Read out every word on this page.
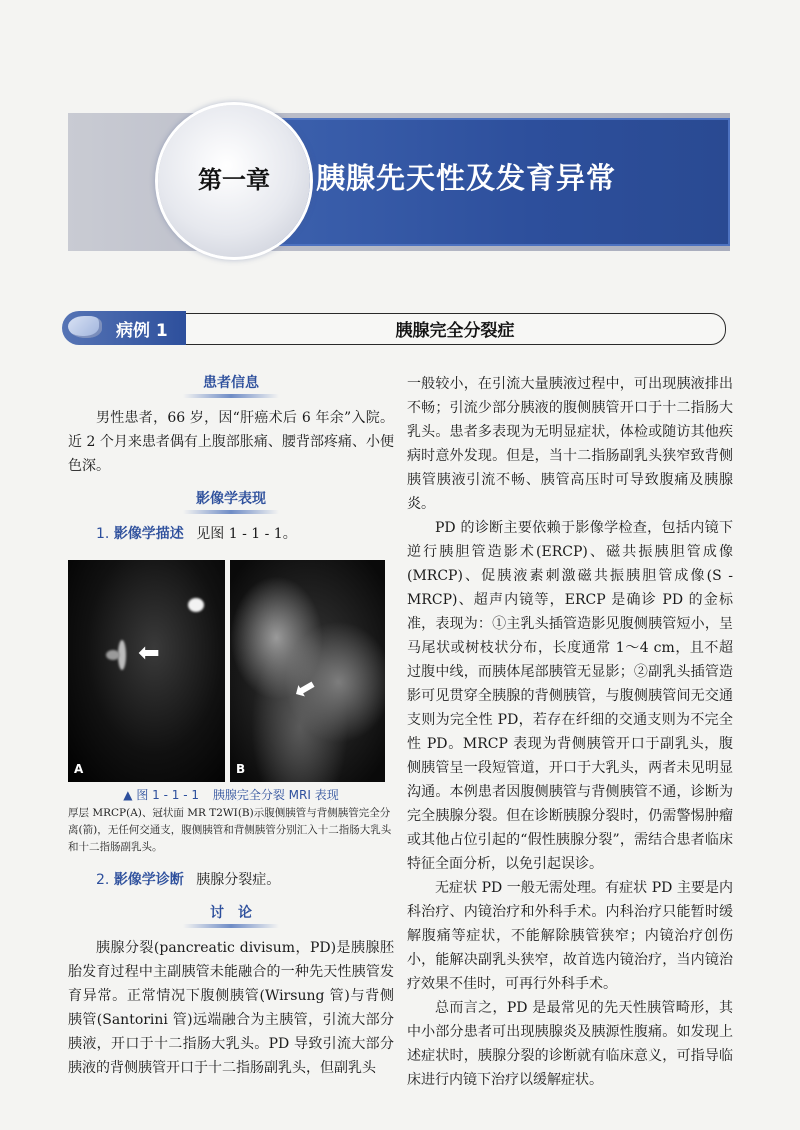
第一章	胰腺先天性及发育异常
病例 1	胰腺完全分裂症
患者信息

男性患者，66 岁，因“肝癌术后 6 年余”入院。近 2 个月来患者偶有上腹部胀痛、腰背部疼痛、小便色深。

影像学表现

1. 影像学描述 见图 1 - 1 - 1。

⬅
A
⬅
B
▲ 图 1 - 1 - 1 胰腺完全分裂 MRI 表现

厚层 MRCP(A)、冠状面 MR T2WI(B)示腹侧胰管与背侧胰管完全分离(箭)，无任何交通支，腹侧胰管和背侧胰管分别汇入十二指肠大乳头和十二指肠副乳头。

2. 影像学诊断 胰腺分裂症。

讨　论

胰腺分裂(pancreatic divisum，PD)是胰腺胚胎发育过程中主副胰管未能融合的一种先天性胰管发育异常。正常情况下腹侧胰管(Wirsung 管)与背侧胰管(Santorini 管)远端融合为主胰管，引流大部分胰液，开口于十二指肠大乳头。PD 导致引流大部分胰液的背侧胰管开口于十二指肠副乳头，但副乳头

一般较小，在引流大量胰液过程中，可出现胰液排出不畅；引流少部分胰液的腹侧胰管开口于十二指肠大乳头。患者多表现为无明显症状，体检或随访其他疾病时意外发现。但是，当十二指肠副乳头狭窄致背侧胰管胰液引流不畅、胰管高压时可导致腹痛及胰腺炎。

PD 的诊断主要依赖于影像学检查，包括内镜下逆行胰胆管造影术(ERCP)、磁共振胰胆管成像(MRCP)、促胰液素刺激磁共振胰胆管成像(S - MRCP)、超声内镜等，ERCP 是确诊 PD 的金标准，表现为：①主乳头插管造影见腹侧胰管短小，呈马尾状或树枝状分布，长度通常 1～4 cm，且不超过腹中线，而胰体尾部胰管无显影；②副乳头插管造影可见贯穿全胰腺的背侧胰管，与腹侧胰管间无交通支则为完全性 PD，若存在纤细的交通支则为不完全性 PD。MRCP 表现为背侧胰管开口于副乳头，腹侧胰管呈一段短管道，开口于大乳头，两者未见明显沟通。本例患者因腹侧胰管与背侧胰管不通，诊断为完全胰腺分裂。但在诊断胰腺分裂时，仍需警惕肿瘤或其他占位引起的“假性胰腺分裂”，需结合患者临床特征全面分析，以免引起误诊。

无症状 PD 一般无需处理。有症状 PD 主要是内科治疗、内镜治疗和外科手术。内科治疗只能暂时缓解腹痛等症状，不能解除胰管狭窄；内镜治疗创伤小，能解决副乳头狭窄，故首选内镜治疗，当内镜治疗效果不佳时，可再行外科手术。

总而言之，PD 是最常见的先天性胰管畸形，其中小部分患者可出现胰腺炎及胰源性腹痛。如发现上述症状时，胰腺分裂的诊断就有临床意义，可指导临床进行内镜下治疗以缓解症状。
